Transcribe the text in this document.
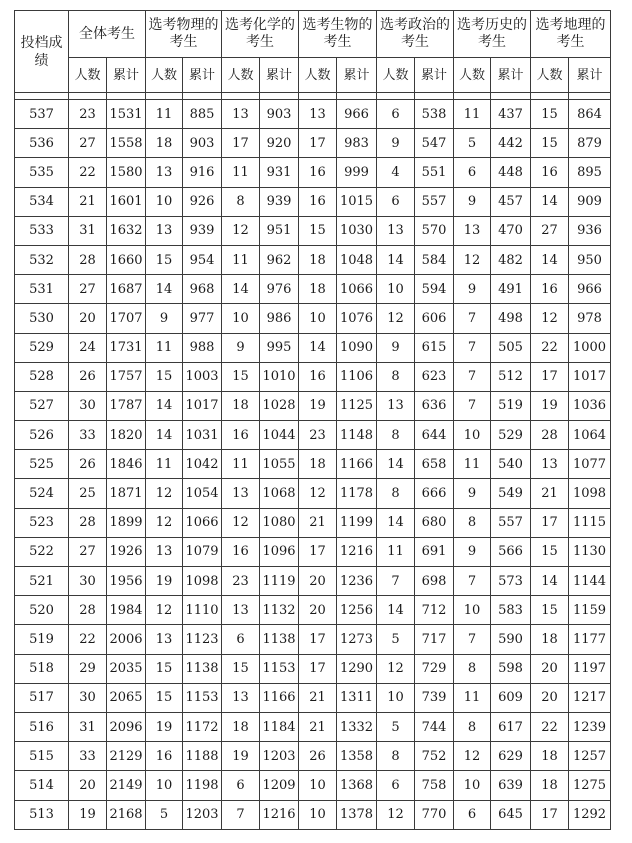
投档成绩	全体考生		选考物理的考生		选考化学的考生		选考生物的考生		选考政治的考生		选考历史的考生		选考地理的考生	
	人数	累计	人数	累计	人数	累计	人数	累计	人数	累计	人数	累计	人数	累计

537	23	1531	11	885	13	903	13	966	6	538	11	437	15	864
536	27	1558	18	903	17	920	17	983	9	547	5	442	15	879
535	22	1580	13	916	11	931	16	999	4	551	6	448	16	895
534	21	1601	10	926	8	939	16	1015	6	557	9	457	14	909
533	31	1632	13	939	12	951	15	1030	13	570	13	470	27	936
532	28	1660	15	954	11	962	18	1048	14	584	12	482	14	950
531	27	1687	14	968	14	976	18	1066	10	594	9	491	16	966
530	20	1707	9	977	10	986	10	1076	12	606	7	498	12	978
529	24	1731	11	988	9	995	14	1090	9	615	7	505	22	1000
528	26	1757	15	1003	15	1010	16	1106	8	623	7	512	17	1017
527	30	1787	14	1017	18	1028	19	1125	13	636	7	519	19	1036
526	33	1820	14	1031	16	1044	23	1148	8	644	10	529	28	1064
525	26	1846	11	1042	11	1055	18	1166	14	658	11	540	13	1077
524	25	1871	12	1054	13	1068	12	1178	8	666	9	549	21	1098
523	28	1899	12	1066	12	1080	21	1199	14	680	8	557	17	1115
522	27	1926	13	1079	16	1096	17	1216	11	691	9	566	15	1130
521	30	1956	19	1098	23	1119	20	1236	7	698	7	573	14	1144
520	28	1984	12	1110	13	1132	20	1256	14	712	10	583	15	1159
519	22	2006	13	1123	6	1138	17	1273	5	717	7	590	18	1177
518	29	2035	15	1138	15	1153	17	1290	12	729	8	598	20	1197
517	30	2065	15	1153	13	1166	21	1311	10	739	11	609	20	1217
516	31	2096	19	1172	18	1184	21	1332	5	744	8	617	22	1239
515	33	2129	16	1188	19	1203	26	1358	8	752	12	629	18	1257
514	20	2149	10	1198	6	1209	10	1368	6	758	10	639	18	1275
513	19	2168	5	1203	7	1216	10	1378	12	770	6	645	17	1292
